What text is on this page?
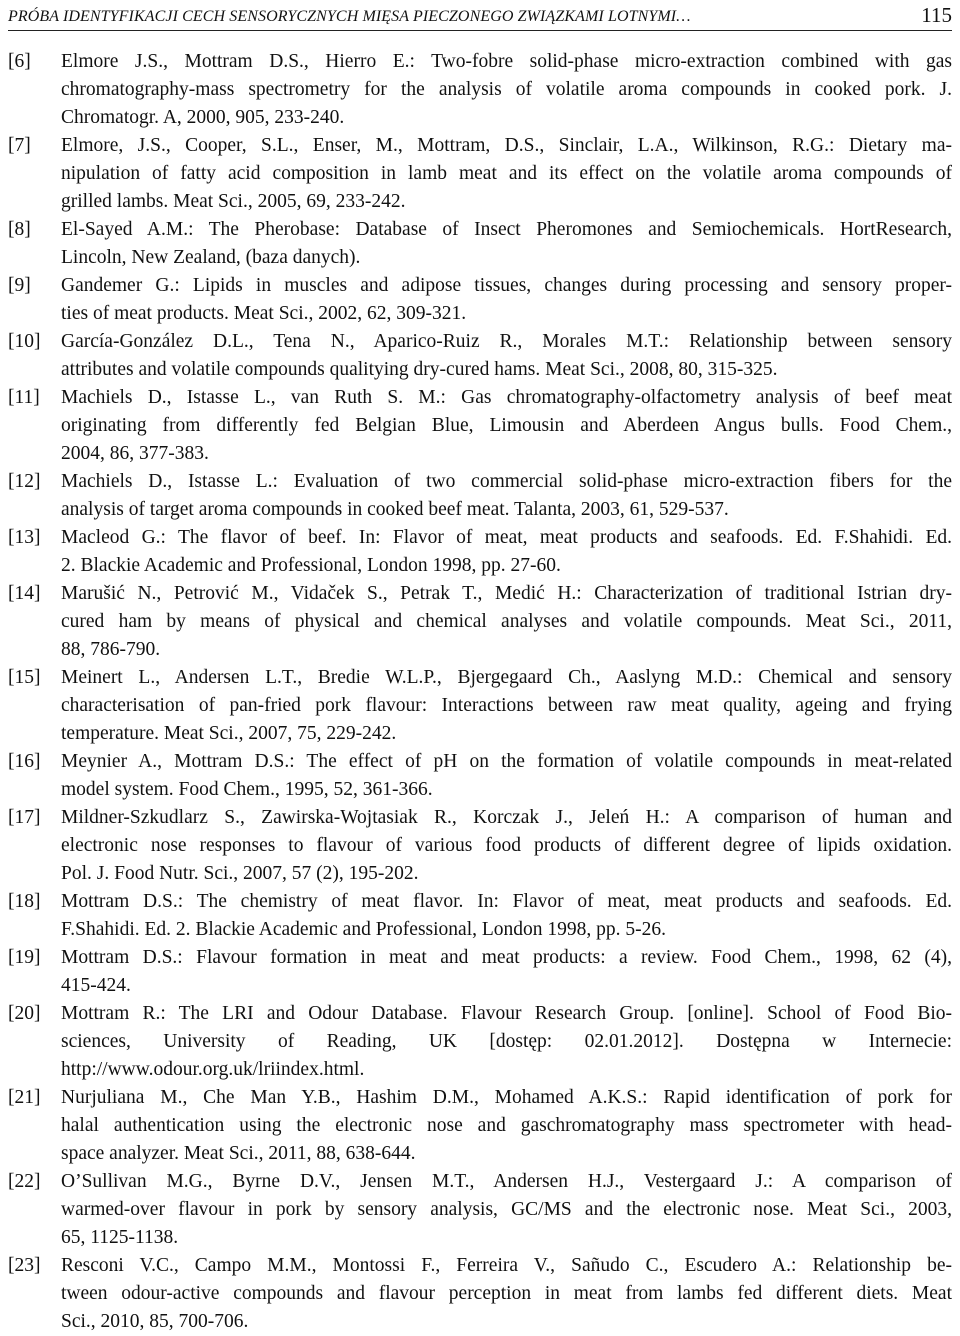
PRÓBA IDENTYFIKACJI CECH SENSORYCZNYCH MIĘSA PIECZONEGO ZWIĄZKAMI LOTNYMI…	115
[6] Elmore J.S., Mottram D.S., Hierro E.: Two-fobre solid-phase micro-extraction combined with gas
chromatography-mass spectrometry for the analysis of volatile aroma compounds in cooked pork. J.
Chromatogr. A, 2000, 905, 233-240.
[7] Elmore, J.S., Cooper, S.L., Enser, M., Mottram, D.S., Sinclair, L.A., Wilkinson, R.G.: Dietary ma-
nipulation of fatty acid composition in lamb meat and its effect on the volatile aroma compounds of
grilled lambs. Meat Sci., 2005, 69, 233-242.
[8] El-Sayed A.M.: The Pherobase: Database of Insect Pheromones and Semiochemicals. HortResearch,
Lincoln, New Zealand, (baza danych).
[9] Gandemer G.: Lipids in muscles and adipose tissues, changes during processing and sensory proper-
ties of meat products. Meat Sci., 2002, 62, 309-321.
[10] García-González D.L., Tena N., Aparico-Ruiz R., Morales M.T.: Relationship between sensory
attributes and volatile compounds qualitying dry-cured hams. Meat Sci., 2008, 80, 315-325.
[11] Machiels D., Istasse L., van Ruth S. M.: Gas chromatography-olfactometry analysis of beef meat
originating from differently fed Belgian Blue, Limousin and Aberdeen Angus bulls. Food Chem.,
2004, 86, 377-383.
[12] Machiels D., Istasse L.: Evaluation of two commercial solid-phase micro-extraction fibers for the
analysis of target aroma compounds in cooked beef meat. Talanta, 2003, 61, 529-537.
[13] Macleod G.: The flavor of beef. In: Flavor of meat, meat products and seafoods. Ed. F.Shahidi. Ed.
2. Blackie Academic and Professional, London 1998, pp. 27-60.
[14] Marušić N., Petrović M., Vidaček S., Petrak T., Medić H.: Characterization of traditional Istrian dry-
cured ham by means of physical and chemical analyses and volatile compounds. Meat Sci., 2011,
88, 786-790.
[15] Meinert L., Andersen L.T., Bredie W.L.P., Bjergegaard Ch., Aaslyng M.D.: Chemical and sensory
characterisation of pan-fried pork flavour: Interactions between raw meat quality, ageing and frying
temperature. Meat Sci., 2007, 75, 229-242.
[16] Meynier A., Mottram D.S.: The effect of pH on the formation of volatile compounds in meat-related
model system. Food Chem., 1995, 52, 361-366.
[17] Mildner-Szkudlarz S., Zawirska-Wojtasiak R., Korczak J., Jeleń H.: A comparison of human and
electronic nose responses to flavour of various food products of different degree of lipids oxidation.
Pol. J. Food Nutr. Sci., 2007, 57 (2), 195-202.
[18] Mottram D.S.: The chemistry of meat flavor. In: Flavor of meat, meat products and seafoods. Ed.
F.Shahidi. Ed. 2. Blackie Academic and Professional, London 1998, pp. 5-26.
[19] Mottram D.S.: Flavour formation in meat and meat products: a review. Food Chem., 1998, 62 (4),
415-424.
[20] Mottram R.: The LRI and Odour Database. Flavour Research Group. [online]. School of Food Bio-
sciences, University of Reading, UK [dostęp: 02.01.2012]. Dostępna w Internecie:
http://www.odour.org.uk/lriindex.html.
[21] Nurjuliana M., Che Man Y.B., Hashim D.M., Mohamed A.K.S.: Rapid identification of pork for
halal authentication using the electronic nose and gaschromatography mass spectrometer with head-
space analyzer. Meat Sci., 2011, 88, 638-644.
[22] O’Sullivan M.G., Byrne D.V., Jensen M.T., Andersen H.J., Vestergaard J.: A comparison of
warmed-over flavour in pork by sensory analysis, GC/MS and the electronic nose. Meat Sci., 2003,
65, 1125-1138.
[23] Resconi V.C., Campo M.M., Montossi F., Ferreira V., Sañudo C., Escudero A.: Relationship be-
tween odour-active compounds and flavour perception in meat from lambs fed different diets. Meat
Sci., 2010, 85, 700-706.
